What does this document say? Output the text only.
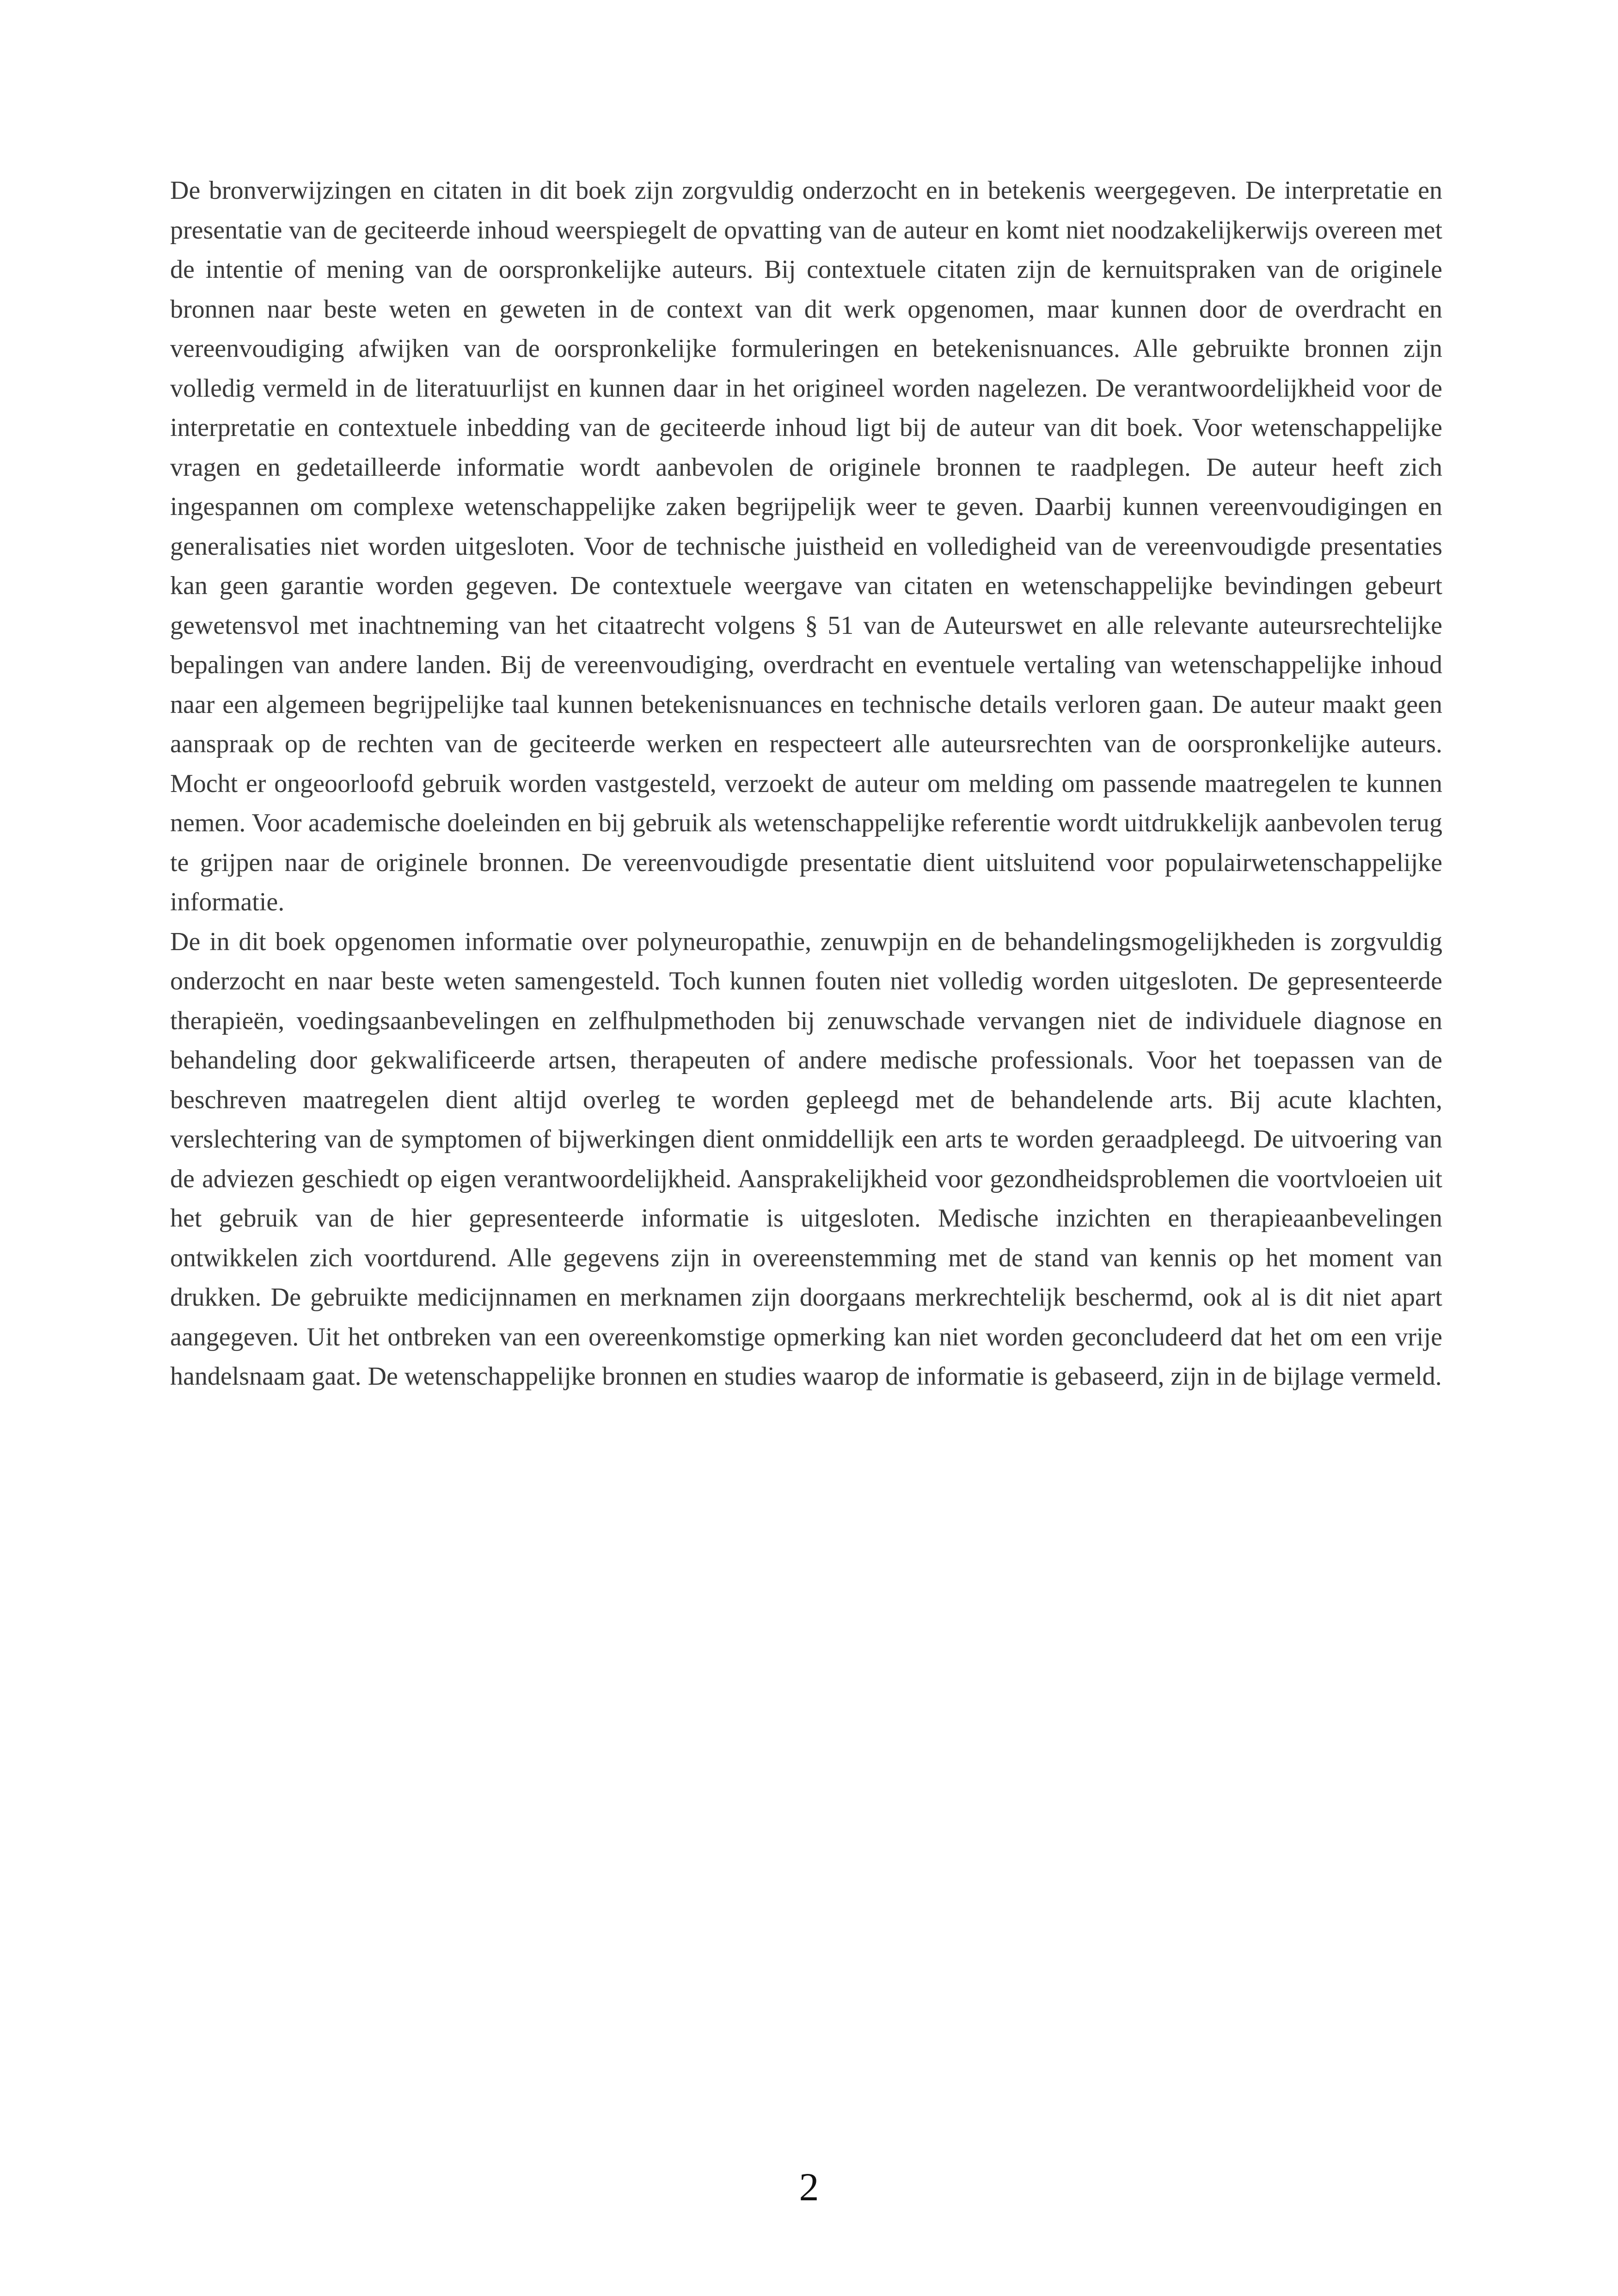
De bronverwijzingen en citaten in dit boek zijn zorgvuldig onderzocht en in betekenis weergegeven. De interpretatie en presentatie van de geciteerde inhoud weerspiegelt de opvatting van de auteur en komt niet noodzakelijkerwijs overeen met de intentie of mening van de oorspronkelijke auteurs. Bij contextuele citaten zijn de kernuitspraken van de originele bronnen naar beste weten en geweten in de context van dit werk opgenomen, maar kunnen door de overdracht en vereenvoudiging afwijken van de oorspronkelijke formuleringen en betekenisnuances. Alle gebruikte bronnen zijn volledig vermeld in de literatuurlijst en kunnen daar in het origineel worden nagelezen. De verantwoordelijkheid voor de interpretatie en contextuele inbedding van de geciteerde inhoud ligt bij de auteur van dit boek. Voor wetenschappelijke vragen en gedetailleerde informatie wordt aanbevolen de originele bronnen te raadplegen. De auteur heeft zich ingespannen om complexe wetenschappelijke zaken begrijpelijk weer te geven. Daarbij kunnen vereenvoudigingen en generalisaties niet worden uitgesloten. Voor de technische juistheid en volledigheid van de vereenvoudigde presentaties kan geen garantie worden gegeven. De contextuele weergave van citaten en wetenschappelijke bevindingen gebeurt gewetensvol met inachtneming van het citaatrecht volgens § 51 van de Auteurswet en alle relevante auteursrechtelijke bepalingen van andere landen. Bij de vereenvoudiging, overdracht en eventuele vertaling van wetenschappelijke inhoud naar een algemeen begrijpelijke taal kunnen betekenisnuances en technische details verloren gaan. De auteur maakt geen aanspraak op de rechten van de geciteerde werken en respecteert alle auteursrechten van de oorspronkelijke auteurs. Mocht er ongeoorloofd gebruik worden vastgesteld, verzoekt de auteur om melding om passende maatregelen te kunnen nemen. Voor academische doeleinden en bij gebruik als wetenschappelijke referentie wordt uitdrukkelijk aanbevolen terug te grijpen naar de originele bronnen. De vereenvoudigde presentatie dient uitsluitend voor populairwetenschappelijke informatie.

De in dit boek opgenomen informatie over polyneuropathie, zenuwpijn en de behandelingsmogelijkheden is zorgvuldig onderzocht en naar beste weten samengesteld. Toch kunnen fouten niet volledig worden uitgesloten. De gepresenteerde therapieën, voedingsaanbevelingen en zelfhulpmethoden bij zenuwschade vervangen niet de individuele diagnose en behandeling door gekwalificeerde artsen, therapeuten of andere medische professionals. Voor het toepassen van de beschreven maatregelen dient altijd overleg te worden gepleegd met de behandelende arts. Bij acute klachten, verslechtering van de symptomen of bijwerkingen dient onmiddellijk een arts te worden geraadpleegd. De uitvoering van de adviezen geschiedt op eigen verantwoordelijkheid. Aansprakelijkheid voor gezondheidsproblemen die voortvloeien uit het gebruik van de hier gepresenteerde informatie is uitgesloten. Medische inzichten en therapieaanbevelingen ontwikkelen zich voortdurend. Alle gegevens zijn in overeenstemming met de stand van kennis op het moment van drukken. De gebruikte medicijnnamen en merknamen zijn doorgaans merkrechtelijk beschermd, ook al is dit niet apart aangegeven. Uit het ontbreken van een overeenkomstige opmerking kan niet worden geconcludeerd dat het om een vrije handelsnaam gaat. De wetenschappelijke bronnen en studies waarop de informatie is gebaseerd, zijn in de bijlage vermeld.

2
